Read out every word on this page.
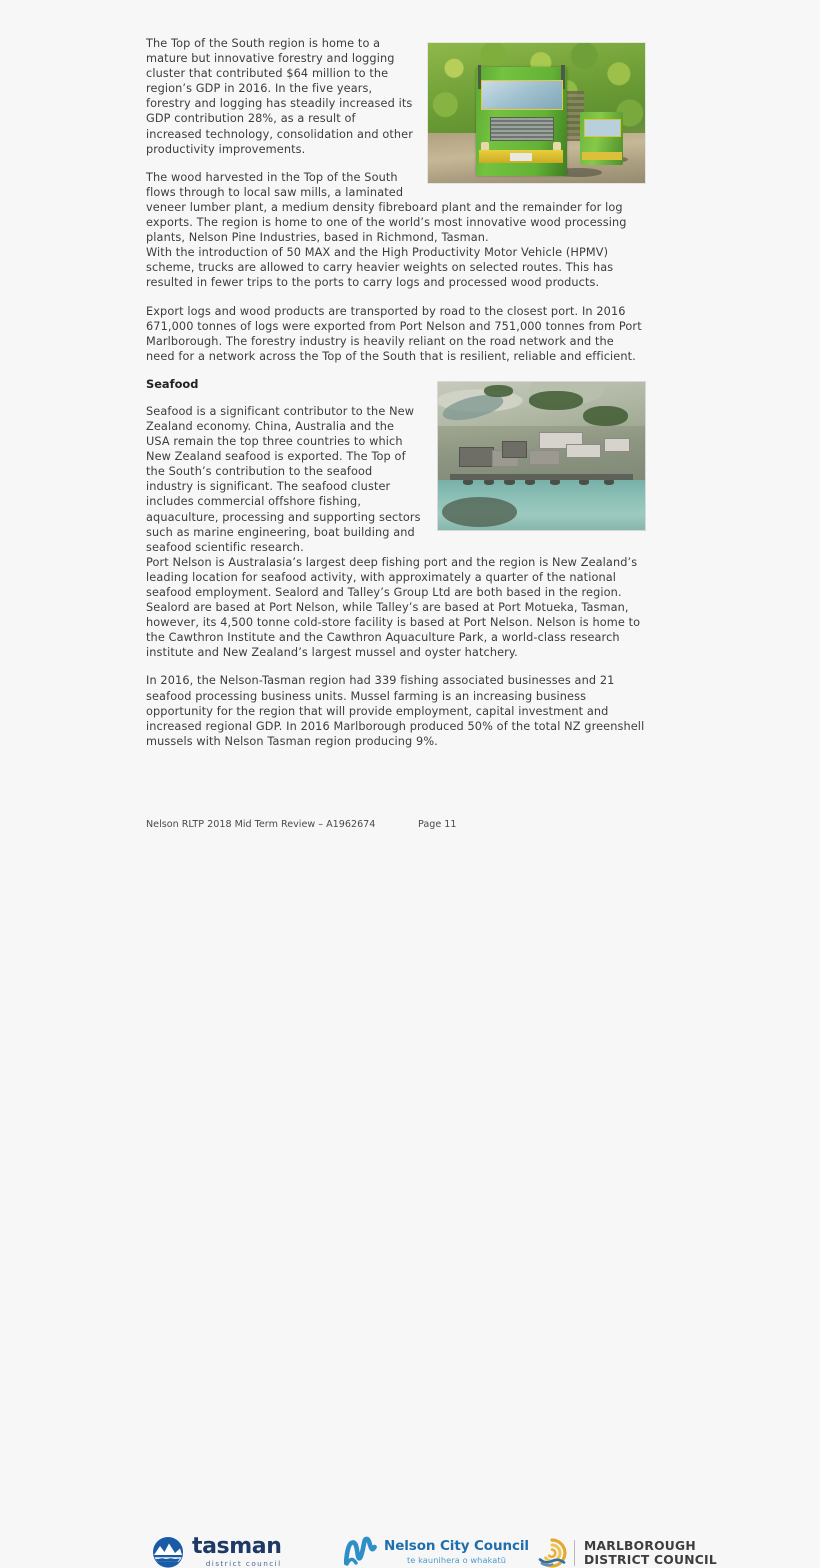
The Top of the South region is home to a mature but innovative forestry and logging cluster that contributed $64 million to the region’s GDP in 2016. In the five years, forestry and logging has steadily increased its GDP contribution 28%, as a result of increased technology, consolidation and other productivity improvements.

The wood harvested in the Top of the South flows through to local saw mills, a laminated veneer lumber plant, a medium density fibreboard plant and the remainder for log exports. The region is home to one of the world’s most innovative wood processing plants, Nelson Pine Industries, based in Richmond, Tasman.

With the introduction of 50 MAX and the High Productivity Motor Vehicle (HPMV) scheme, trucks are allowed to carry heavier weights on selected routes. This has resulted in fewer trips to the ports to carry logs and processed wood products.

Export logs and wood products are transported by road to the closest port. In 2016 671,000 tonnes of logs were exported from Port Nelson and 751,000 tonnes from Port Marlborough. The forestry industry is heavily reliant on the road network and the need for a network across the Top of the South that is resilient, reliable and efficient.

Seafood

Seafood is a significant contributor to the New Zealand economy. China, Australia and the USA remain the top three countries to which New Zealand seafood is exported. The Top of the South’s contribution to the seafood industry is significant. The seafood cluster includes commercial offshore fishing, aquaculture, processing and supporting sectors such as marine engineering, boat building and seafood scientific research.

Port Nelson is Australasia’s largest deep fishing port and the region is New Zealand’s leading location for seafood activity, with approximately a quarter of the national seafood employment. Sealord and Talley’s Group Ltd are both based in the region. Sealord are based at Port Nelson, while Talley’s are based at Port Motueka, Tasman, however, its 4,500 tonne cold-store facility is based at Port Nelson. Nelson is home to the Cawthron Institute and the Cawthron Aquaculture Park, a world-class research institute and New Zealand’s largest mussel and oyster hatchery.

In 2016, the Nelson-Tasman region had 339 fishing associated businesses and 21 seafood processing business units. Mussel farming is an increasing business opportunity for the region that will provide employment, capital investment and increased regional GDP. In 2016 Marlborough produced 50% of the total NZ greenshell mussels with Nelson Tasman region producing 9%.

tasman
district council
Nelson City Council
te kaunihera o whakatū
MARLBOROUGH
DISTRICT COUNCIL
Nelson RLTP 2018 Mid Term Review – A1962674	Page 11
